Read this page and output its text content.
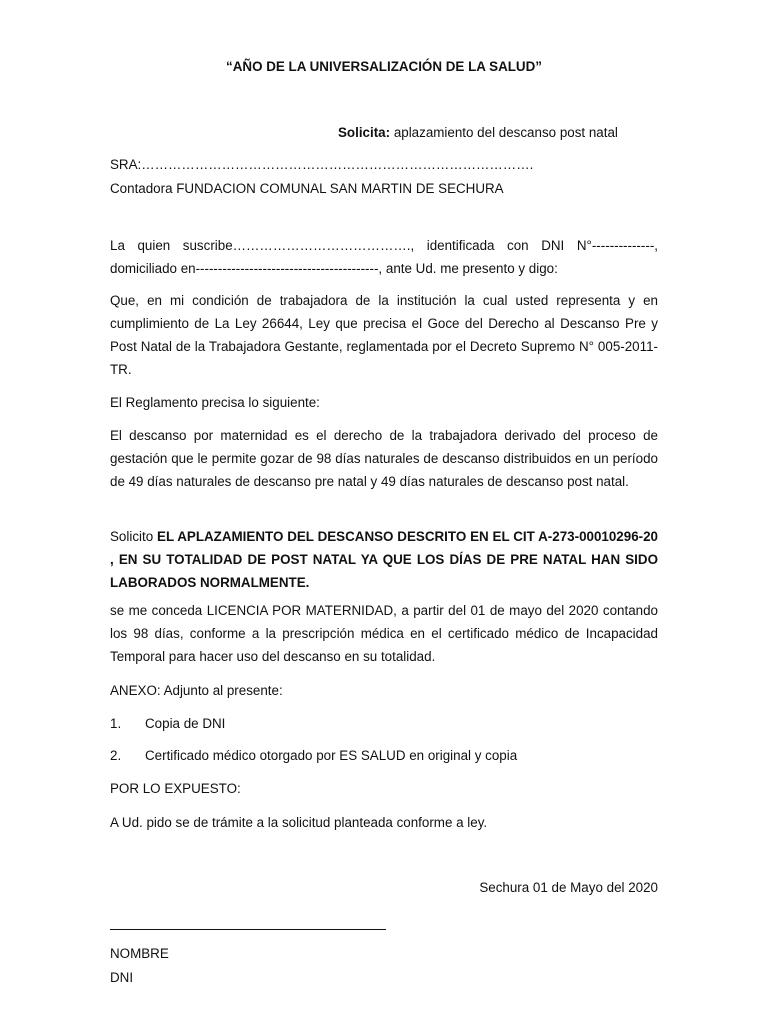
“AÑO DE LA UNIVERSALIZACIÓN DE LA SALUD”
Solicita: aplazamiento del descanso post natal
SRA:…………………………………………………………………………….
Contadora FUNDACION COMUNAL SAN MARTIN DE SECHURA
La quien suscribe…………………………………., identificada con DNI N°--------------, domiciliado en-----------------------------------------, ante Ud. me presento y digo:
Que, en mi condición de trabajadora de la institución la cual usted representa y en cumplimiento de La Ley 26644, Ley que precisa el Goce del Derecho al Descanso Pre y Post Natal de la Trabajadora Gestante, reglamentada por el Decreto Supremo N° 005-2011-TR.
El Reglamento precisa lo siguiente:
El descanso por maternidad es el derecho de la trabajadora derivado del proceso de gestación que le permite gozar de 98 días naturales de descanso distribuidos en un período de 49 días naturales de descanso pre natal y 49 días naturales de descanso post natal.
Solicito EL APLAZAMIENTO DEL DESCANSO DESCRITO EN EL CIT A-273-00010296-20 , EN SU TOTALIDAD DE POST NATAL YA QUE LOS DÍAS DE PRE NATAL HAN SIDO LABORADOS NORMALMENTE.
se me conceda LICENCIA POR MATERNIDAD, a partir del 01 de mayo del 2020 contando los 98 días, conforme a la prescripción médica en el certificado médico de Incapacidad Temporal para hacer uso del descanso en su totalidad.
ANEXO: Adjunto al presente:
1. Copia de DNI
2. Certificado médico otorgado por ES SALUD en original y copia
POR LO EXPUESTO:
A Ud. pido se de trámite a la solicitud planteada conforme a ley.
Sechura 01 de Mayo del 2020
NOMBRE
DNI
